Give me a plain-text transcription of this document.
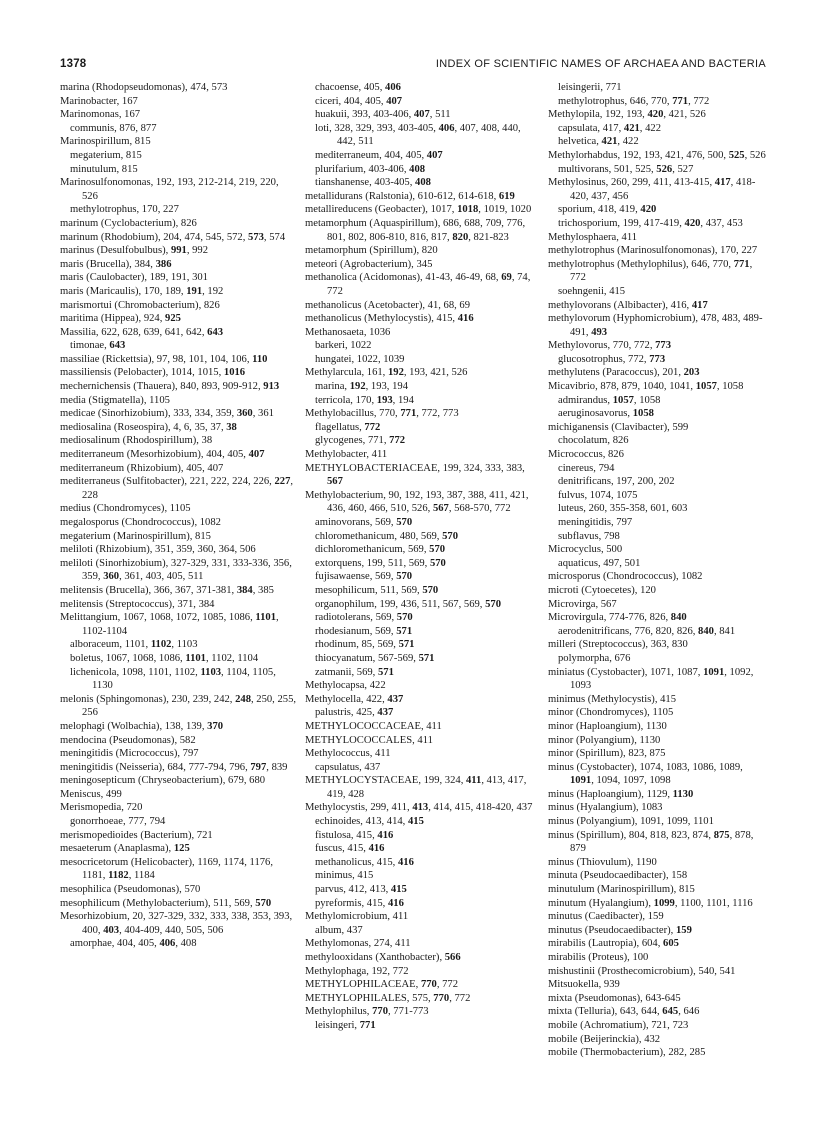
1378	INDEX OF SCIENTIFIC NAMES OF ARCHAEA AND BACTERIA
marina (Rhodopseudomonas), 474, 573
Marinobacter, 167
Marinomonas, 167
communis, 876, 877
Marinospirillum, 815
megaterium, 815
minutulum, 815
Marinosulfonomonas, 192, 193, 212-214, 219, 220, 526
methylotrophus, 170, 227
marinum (Cyclobacterium), 826
marinum (Rhodobium), 204, 474, 545, 572, 573, 574
marinus (Desulfobulbus), 991, 992
maris (Brucella), 384, 386
maris (Caulobacter), 189, 191, 301
maris (Maricaulis), 170, 189, 191, 192
marismortui (Chromobacterium), 826
maritima (Hippea), 924, 925
Massilia, 622, 628, 639, 641, 642, 643
timonae, 643
massiliae (Rickettsia), 97, 98, 101, 104, 106, 110
massiliensis (Pelobacter), 1014, 1015, 1016
mechernichensis (Thauera), 840, 893, 909-912, 913
media (Stigmatella), 1105
medicae (Sinorhizobium), 333, 334, 359, 360, 361
mediosalina (Roseospira), 4, 6, 35, 37, 38
mediosalinum (Rhodospirillum), 38
mediterraneum (Mesorhizobium), 404, 405, 407
mediterraneum (Rhizobium), 405, 407
mediterraneus (Sulfitobacter), 221, 222, 224, 226, 227, 228
medius (Chondromyces), 1105
megalosporus (Chondrococcus), 1082
megaterium (Marinospirillum), 815
meliloti (Rhizobium), 351, 359, 360, 364, 506
meliloti (Sinorhizobium), 327-329, 331, 333-336, 356, 359, 360, 361, 403, 405, 511
melitensis (Brucella), 366, 367, 371-381, 384, 385
melitensis (Streptococcus), 371, 384
Melittangium, 1067, 1068, 1072, 1085, 1086, 1101, 1102-1104
alboraceum, 1101, 1102, 1103
boletus, 1067, 1068, 1086, 1101, 1102, 1104
lichenicola, 1098, 1101, 1102, 1103, 1104, 1105, 1130
melonis (Sphingomonas), 230, 239, 242, 248, 250, 255, 256
melophagi (Wolbachia), 138, 139, 370
mendocina (Pseudomonas), 582
meningitidis (Micrococcus), 797
meningitidis (Neisseria), 684, 777-794, 796, 797, 839
meningosepticum (Chryseobacterium), 679, 680
Meniscus, 499
Merismopedia, 720
gonorrhoeae, 777, 794
merismopedioides (Bacterium), 721
mesaeterum (Anaplasma), 125
mesocricetorum (Helicobacter), 1169, 1174, 1176, 1181, 1182, 1184
mesophilica (Pseudomonas), 570
mesophilicum (Methylobacterium), 511, 569, 570
Mesorhizobium, 20, 327-329, 332, 333, 338, 353, 393, 400, 403, 404-409, 440, 505, 506
amorphae, 404, 405, 406, 408
chacoense, 405, 406
ciceri, 404, 405, 407
huakuii, 393, 403-406, 407, 511
loti, 328, 329, 393, 403-405, 406, 407, 408, 440, 442, 511
mediterraneum, 404, 405, 407
plurifarium, 403-406, 408
tianshanense, 403-405, 408
metallidurans (Ralstonia), 610-612, 614-618, 619
metallireducens (Geobacter), 1017, 1018, 1019, 1020
metamorphum (Aquaspirillum), 686, 688, 709, 776, 801, 802, 806-810, 816, 817, 820, 821-823
metamorphum (Spirillum), 820
meteori (Agrobacterium), 345
methanolica (Acidomonas), 41-43, 46-49, 68, 69, 74, 772
methanolicus (Acetobacter), 41, 68, 69
methanolicus (Methylocystis), 415, 416
Methanosaeta, 1036
barkeri, 1022
hungatei, 1022, 1039
Methylarcula, 161, 192, 193, 421, 526
marina, 192, 193, 194
terricola, 170, 193, 194
Methylobacillus, 770, 771, 772, 773
flagellatus, 772
glycogenes, 771, 772
Methylobacter, 411
METHYLOBACTERIACEAE, 199, 324, 333, 383, 567
Methylobacterium, 90, 192, 193, 387, 388, 411, 421, 436, 460, 466, 510, 526, 567, 568-570, 772
aminovorans, 569, 570
chloromethanicum, 480, 569, 570
dichloromethanicum, 569, 570
extorquens, 199, 511, 569, 570
fujisawaense, 569, 570
mesophilicum, 511, 569, 570
organophilum, 199, 436, 511, 567, 569, 570
radiotolerans, 569, 570
rhodesianum, 569, 571
rhodinum, 85, 569, 571
thiocyanatum, 567-569, 571
zatmanii, 569, 571
Methylocapsa, 422
Methylocella, 422, 437
palustris, 425, 437
METHYLOCOCCACEAE, 411
METHYLOCOCCALES, 411
Methylococcus, 411
capsulatus, 437
METHYLOCYSTACEAE, 199, 324, 411, 413, 417, 419, 428
Methylocystis, 299, 411, 413, 414, 415, 418-420, 437
echinoides, 413, 414, 415
fistulosa, 415, 416
fuscus, 415, 416
methanolicus, 415, 416
minimus, 415
parvus, 412, 413, 415
pyreformis, 415, 416
Methylomicrobium, 411
album, 437
Methylomonas, 274, 411
methylooxidans (Xanthobacter), 566
Methylophaga, 192, 772
METHYLOPHILACEAE, 770, 772
METHYLOPHILALES, 575, 770, 772
Methylophilus, 770, 771-773
leisingeri, 771
leisingerii, 771
methylotrophus, 646, 770, 771, 772
Methylopila, 192, 193, 420, 421, 526
capsulata, 417, 421, 422
helvetica, 421, 422
Methylorhabdus, 192, 193, 421, 476, 500, 525, 526
multivorans, 501, 525, 526, 527
Methylosinus, 260, 299, 411, 413-415, 417, 418-420, 437, 456
sporium, 418, 419, 420
trichosporium, 199, 417-419, 420, 437, 453
Methylosphaera, 411
methylotrophus (Marinosulfonomonas), 170, 227
methylotrophus (Methylophilus), 646, 770, 771, 772
soehngenii, 415
methylovorans (Albibacter), 416, 417
methylovorum (Hyphomicrobium), 478, 483, 489-491, 493
Methylovorus, 770, 772, 773
glucosotrophus, 772, 773
methylutens (Paracoccus), 201, 203
Micavibrio, 878, 879, 1040, 1041, 1057, 1058
admirandus, 1057, 1058
aeruginosavorus, 1058
michiganensis (Clavibacter), 599
chocolatum, 826
Micrococcus, 826
cinereus, 794
denitrificans, 197, 200, 202
fulvus, 1074, 1075
luteus, 260, 355-358, 601, 603
meningitidis, 797
subflavus, 798
Microcyclus, 500
aquaticus, 497, 501
microsporus (Chondrococcus), 1082
microti (Cytoecetes), 120
Microvirga, 567
Microvirgula, 774-776, 826, 840
aerodenitrificans, 776, 820, 826, 840, 841
milleri (Streptococcus), 363, 830
polymorpha, 676
miniatus (Cystobacter), 1071, 1087, 1091, 1092, 1093
minimus (Methylocystis), 415
minor (Chondromyces), 1105
minor (Haploangium), 1130
minor (Polyangium), 1130
minor (Spirillum), 823, 875
minus (Cystobacter), 1074, 1083, 1086, 1089, 1091, 1094, 1097, 1098
minus (Haploangium), 1129, 1130
minus (Hyalangium), 1083
minus (Polyangium), 1091, 1099, 1101
minus (Spirillum), 804, 818, 823, 874, 875, 878, 879
minus (Thiovulum), 1190
minuta (Pseudocaedibacter), 158
minutulum (Marinospirillum), 815
minutum (Hyalangium), 1099, 1100, 1101, 1116
minutus (Caedibacter), 159
minutus (Pseudocaedibacter), 159
mirabilis (Lautropia), 604, 605
mirabilis (Proteus), 100
mishustinii (Prosthecomicrobium), 540, 541
Mitsuokella, 939
mixta (Pseudomonas), 643-645
mixta (Telluria), 643, 644, 645, 646
mobile (Achromatium), 721, 723
mobile (Beijerinckia), 432
mobile (Thermobacterium), 282, 285
